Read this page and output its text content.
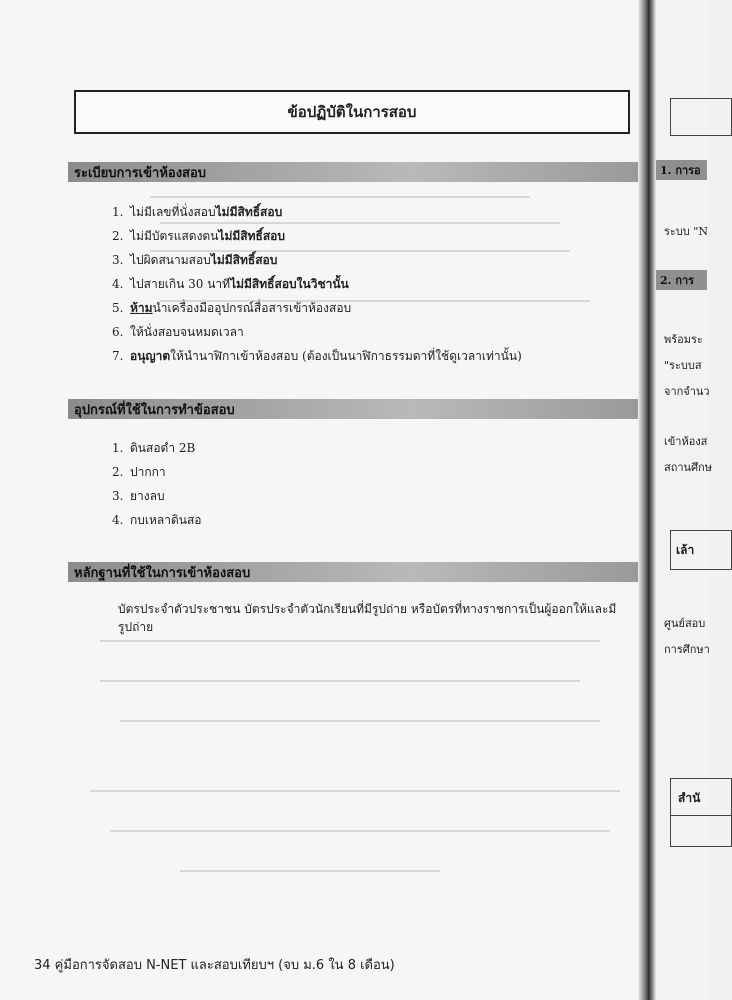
ข้อปฏิบัติในการสอบ
ระเบียบการเข้าห้องสอบ
1. ไม่มีเลขที่นั่งสอบ ไม่มีสิทธิ์สอบ
2. ไม่มีบัตรแสดงตน ไม่มีสิทธิ์สอบ
3. ไปผิดสนามสอบ ไม่มีสิทธิ์สอบ
4. ไปสายเกิน 30 นาที ไม่มีสิทธิ์สอบในวิชานั้น
5. ห้าม นำเครื่องมืออุปกรณ์สื่อสารเข้าห้องสอบ
6. ให้นั่งสอบจนหมดเวลา
7. อนุญาต ให้นำนาฬิกาเข้าห้องสอบ (ต้องเป็นนาฬิกาธรรมดาที่ใช้ดูเวลาเท่านั้น)
อุปกรณ์ที่ใช้ในการทำข้อสอบ
1. ดินสอดำ 2B
2. ปากกา
3. ยางลบ
4. กบเหลาดินสอ
หลักฐานที่ใช้ในการเข้าห้องสอบ
บัตรประจำตัวประชาชน บัตรประจำตัวนักเรียนที่มีรูปถ่าย หรือบัตรที่ทางราชการเป็นผู้ออกให้และมีรูปถ่าย
34 คู่มือการจัดสอบ N-NET และสอบเทียบฯ (จบ ม.6 ใน 8 เดือน)
1. การอ
ระบบ "N
2. การ
พร้อมระ
"ระบบส
จากจำนว
เข้าห้องส
สถานศึกษ
เล้า
ศูนย์สอบ
การศึกษา
สำนั
